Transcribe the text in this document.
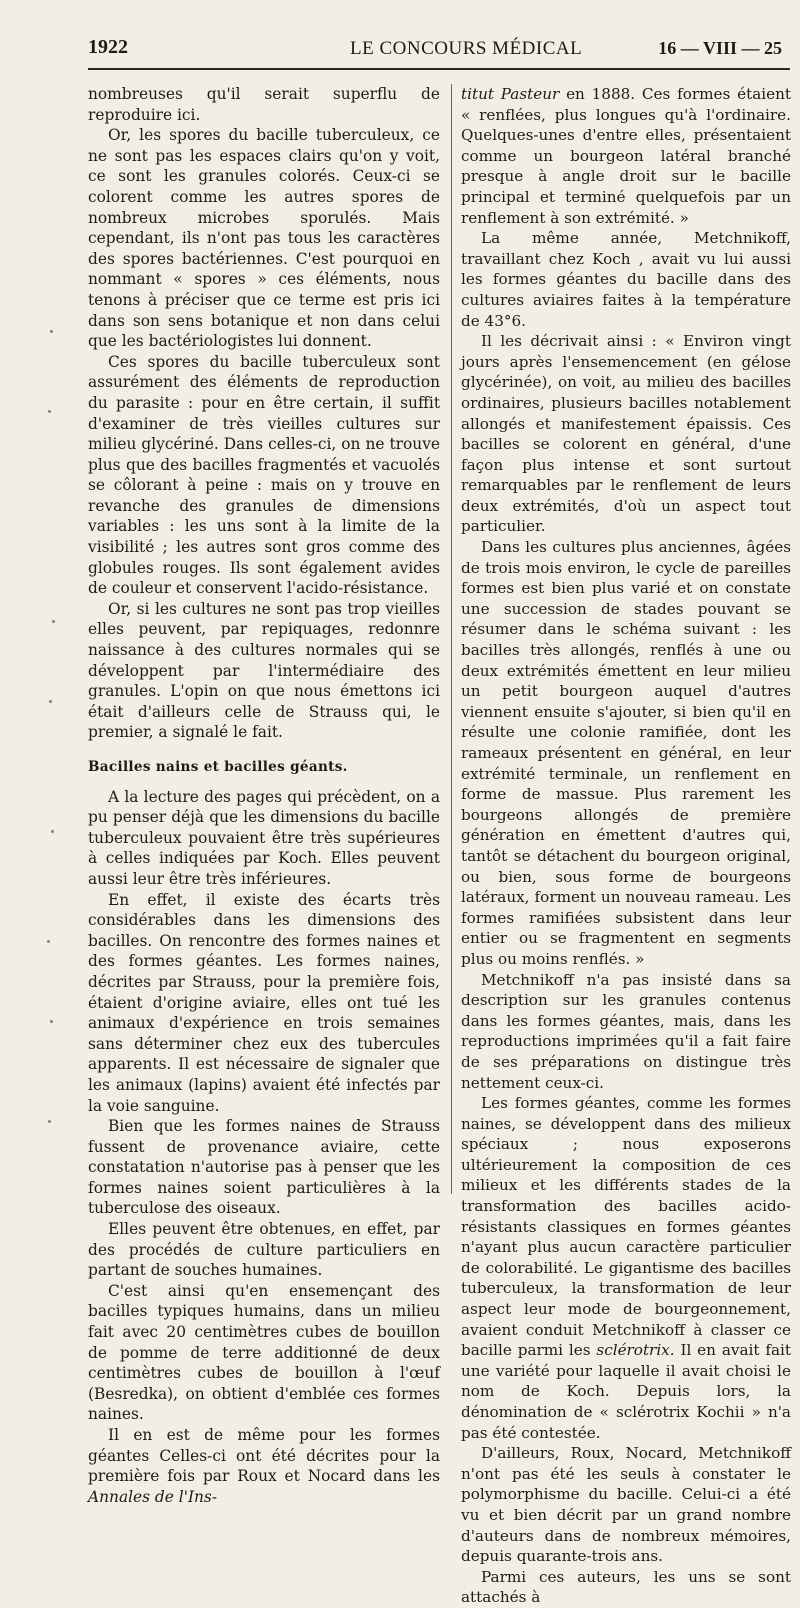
1922	LE CONCOURS MÉDICAL	16 — VIII — 25

nombreuses qu'il serait superflu de reproduire ici.

Or, les spores du bacille tuberculeux, ce ne sont pas les espaces clairs qu'on y voit, ce sont les granules colorés. Ceux-ci se colorent comme les autres spores de nombreux microbes sporulés. Mais cependant, ils n'ont pas tous les caractères des spores bactériennes. C'est pourquoi en nommant « spores » ces éléments, nous tenons à préciser que ce terme est pris ici dans son sens botanique et non dans celui que les bactériologistes lui donnent.

Ces spores du bacille tuberculeux sont assurément des éléments de reproduction du parasite : pour en être certain, il suffit d'examiner de très vieilles cultures sur milieu glycériné. Dans celles-ci, on ne trouve plus que des bacilles fragmentés et vacuolés se côlorant à peine : mais on y trouve en revanche des granules de dimensions variables : les uns sont à la limite de la visibilité ; les autres sont gros comme des globules rouges. Ils sont également avides de couleur et conservent l'acido-résistance.

Or, si les cultures ne sont pas trop vieilles elles peuvent, par repiquages, redonnre naissance à des cultures normales qui se développent par l'intermédiaire des granules. L'opin on que nous émettons ici était d'ailleurs celle de Strauss qui, le premier, a signalé le fait.

Bacilles nains et bacilles géants.

A la lecture des pages qui précèdent, on a pu penser déjà que les dimensions du bacille tuberculeux pouvaient être très supérieures à celles indiquées par Koch. Elles peuvent aussi leur être très inférieures.

En effet, il existe des écarts très considérables dans les dimensions des bacilles. On rencontre des formes naines et des formes géantes. Les formes naines, décrites par Strauss, pour la première fois, étaient d'origine aviaire, elles ont tué les animaux d'expérience en trois semaines sans déterminer chez eux des tubercules apparents. Il est nécessaire de signaler que les animaux (lapins) avaient été infectés par la voie sanguine.

Bien que les formes naines de Strauss fussent de provenance aviaire, cette constatation n'autorise pas à penser que les formes naines soient particulières à la tuberculose des oiseaux.

Elles peuvent être obtenues, en effet, par des procédés de culture particuliers en partant de souches humaines.

C'est ainsi qu'en ensemençant des bacilles typiques humains, dans un milieu fait avec 20 centimètres cubes de bouillon de pomme de terre additionné de deux centimètres cubes de bouillon à l'œuf (Besredka), on obtient d'emblée ces formes naines.

Il en est de même pour les formes géantes Celles-ci ont été décrites pour la première fois par Roux et Nocard dans les Annales de l'Ins-

titut Pasteur en 1888. Ces formes étaient « renflées, plus longues qu'à l'ordinaire. Quelques-unes d'entre elles, présentaient comme un bourgeon latéral branché presque à angle droit sur le bacille principal et terminé quelquefois par un renflement à son extrémité. »

La même année, Metchnikoff, travaillant chez Koch , avait vu lui aussi les formes géantes du bacille dans des cultures aviaires faites à la température de 43°6.

Il les décrivait ainsi : « Environ vingt jours après l'ensemencement (en gélose glycérinée), on voit, au milieu des bacilles ordinaires, plusieurs bacilles notablement allongés et manifestement épaissis. Ces bacilles se colorent en général, d'une façon plus intense et sont surtout remarquables par le renflement de leurs deux extrémités, d'où un aspect tout particulier.

Dans les cultures plus anciennes, âgées de trois mois environ, le cycle de pareilles formes est bien plus varié et on constate une succession de stades pouvant se résumer dans le schéma suivant : les bacilles très allongés, renflés à une ou deux extrémités émettent en leur milieu un petit bourgeon auquel d'autres viennent ensuite s'ajouter, si bien qu'il en résulte une colonie ramifiée, dont les rameaux présentent en général, en leur extrémité terminale, un renflement en forme de massue. Plus rarement les bourgeons allongés de première génération en émettent d'autres qui, tantôt se détachent du bourgeon original, ou bien, sous forme de bourgeons latéraux, forment un nouveau rameau. Les formes ramifiées subsistent dans leur entier ou se fragmentent en segments plus ou moins renflés. »

Metchnikoff n'a pas insisté dans sa description sur les granules contenus dans les formes géantes, mais, dans les reproductions imprimées qu'il a fait faire de ses préparations on distingue très nettement ceux-ci.

Les formes géantes, comme les formes naines, se développent dans des milieux spéciaux ; nous exposerons ultérieurement la composition de ces milieux et les différents stades de la transformation des bacilles acido-résistants classiques en formes géantes n'ayant plus aucun caractère particulier de colorabilité. Le gigantisme des bacilles tuberculeux, la transformation de leur aspect leur mode de bourgeonnement, avaient conduit Metchnikoff à classer ce bacille parmi les sclérotrix. Il en avait fait une variété pour laquelle il avait choisi le nom de Koch. Depuis lors, la dénomination de « sclérotrix Kochii » n'a pas été contestée.

D'ailleurs, Roux, Nocard, Metchnikoff n'ont pas été les seuls à constater le polymorphisme du bacille. Celui-ci a été vu et bien décrit par un grand nombre d'auteurs dans de nombreux mémoires, depuis quarante-trois ans.

Parmi ces auteurs, les uns se sont attachés à
